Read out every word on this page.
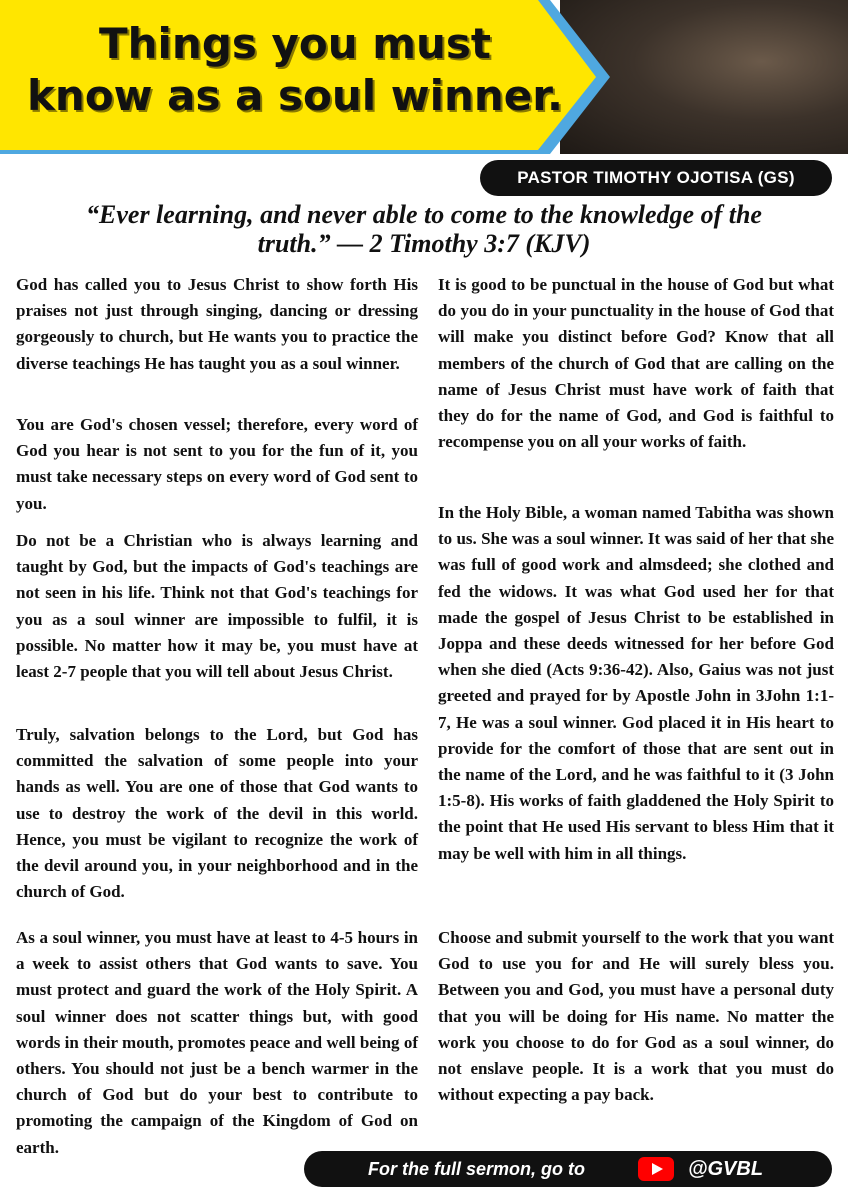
Things you must
know as a soul winner.
PASTOR TIMOTHY OJOTISA (GS)
“Ever learning, and never able to come to the knowledge of the
truth.” — 2 Timothy 3:7 (KJV)

God has called you to Jesus Christ to show forth His praises not just through singing, dancing or dressing gorgeously to church, but He wants you to practice the diverse teachings He has taught you as a soul winner.

You are God's chosen vessel; therefore, every word of God you hear is not sent to you for the fun of it, you must take necessary steps on every word of God sent to you.

Do not be a Christian who is always learning and taught by God, but the impacts of God's teachings are not seen in his life. Think not that God's teachings for you as a soul winner are impossible to fulfil, it is possible. No matter how it may be, you must have at least 2-7 people that you will tell about Jesus Christ.

Truly, salvation belongs to the Lord, but God has committed the salvation of some people into your hands as well. You are one of those that God wants to use to destroy the work of the devil in this world. Hence, you must be vigilant to recognize the work of the devil around you, in your neighborhood and in the church of God.

As a soul winner, you must have at least to 4-5 hours in a week to assist others that God wants to save. You must protect and guard the work of the Holy Spirit. A soul winner does not scatter things but, with good words in their mouth, promotes peace and well being of others. You should not just be a bench warmer in the church of God but do your best to contribute to promoting the campaign of the Kingdom of God on earth.

It is good to be punctual in the house of God but what do you do in your punctuality in the house of God that will make you distinct before God? Know that all members of the church of God that are calling on the name of Jesus Christ must have work of faith that they do for the name of God, and God is faithful to recompense you on all your works of faith.

In the Holy Bible, a woman named Tabitha was shown to us. She was a soul winner. It was said of her that she was full of good work and almsdeed; she clothed and fed the widows. It was what God used her for that made the gospel of Jesus Christ to be established in Joppa and these deeds witnessed for her before God when she died (Acts 9:36-42). Also, Gaius was not just greeted and prayed for by Apostle John in 3John 1:1-7, He was a soul winner. God placed it in His heart to provide for the comfort of those that are sent out in the name of the Lord, and he was faithful to it (3 John 1:5-8). His works of faith gladdened the Holy Spirit to the point that He used His servant to bless Him that it may be well with him in all things.

Choose and submit yourself to the work that you want God to use you for and He will surely bless you. Between you and God, you must have a personal duty that you will be doing for His name. No matter the work you choose to do for God as a soul winner, do not enslave people. It is a work that you must do without expecting a pay back.

For the full sermon, go to	@GVBL
